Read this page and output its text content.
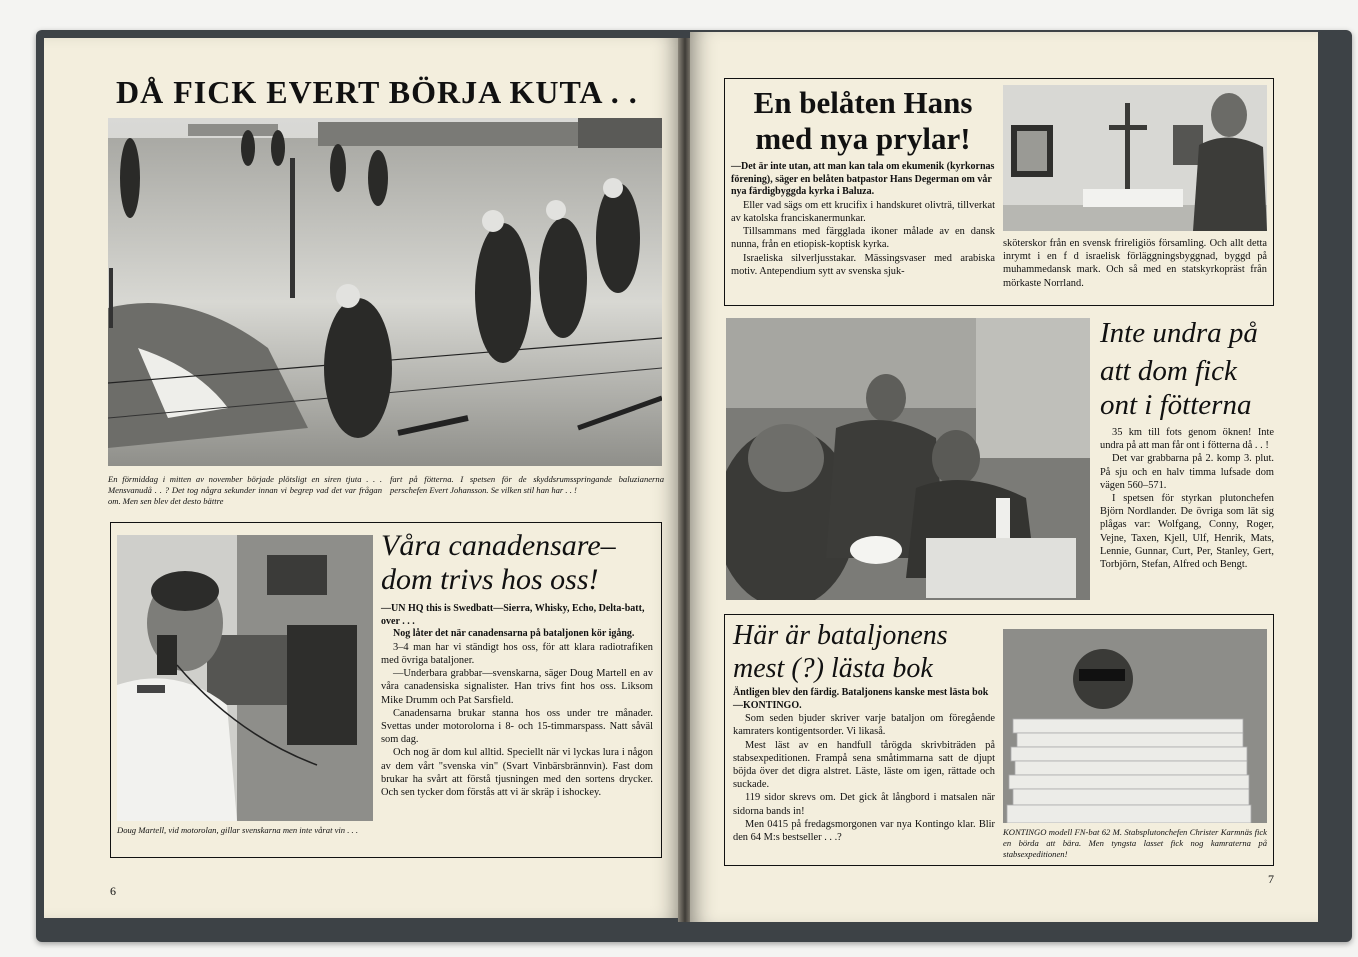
DÅ FICK EVERT BÖRJA KUTA . .
En förmiddag i mitten av november började plötsligt en siren tjuta . . . Mensvanudå . . ? Det tog några sekunder innan vi begrep vad det var frågan om. Men sen blev det desto bättre
fart på fötterna. I spetsen för de skyddsrumsspringande baluzianerna perschefen Evert Johansson. Se vilken stil han har . . !
Doug Martell, vid motorolan, gillar svenskarna men inte vårat vin . . .
Våra canadensare–
dom trivs hos oss!
—UN HQ this is Swedbatt—Sierra, Whisky, Echo, Delta-batt, over . . .
Nog låter det när canadensarna på bataljonen kör igång.

3–4 man har vi ständigt hos oss, för att klara radiotrafiken med övriga bataljoner.

—Underbara grabbar—svenskarna, säger Doug Martell en av våra canadensiska signalister. Han trivs fint hos oss. Liksom Mike Drumm och Pat Sarsfield.

Canadensarna brukar stanna hos oss under tre månader. Svettas under motorolorna i 8- och 15-timmarspass. Natt såväl som dag.

Och nog är dom kul alltid. Speciellt när vi lyckas lura i någon av dem vårt "svenska vin" (Svart Vinbärsbrännvin). Fast dom brukar ha svårt att förstå tjusningen med den sortens drycker. Och sen tycker dom förstås att vi är skräp i ishockey.

6
En belåten Hans
med nya prylar!
—Det är inte utan, att man kan tala om ekumenik (kyrkornas förening), säger en belåten batpastor Hans Degerman om vår nya färdigbyggda kyrka i Baluza.

Eller vad sägs om ett krucifix i handskuret olivträ, tillverkat av katolska franciskanermunkar.

Tillsammans med färgglada ikoner målade av en dansk nunna, från en etiopisk-koptisk kyrka.

Israeliska silverljusstakar. Mässingsvaser med arabiska motiv. Antependium sytt av svenska sjuk-

sköterskor från en svensk frireligiös församling. Och allt detta inrymt i en f d israelisk förläggningsbyggnad, byggd på muhammedansk mark. Och så med en statskyrkopräst från mörkaste Norrland.

Inte undra på
att dom fick
ont i fötterna

35 km till fots genom öknen! Inte undra på att man får ont i fötterna då . . !

Det var grabbarna på 2. komp 3. plut. På sju och en halv timma lufsade dom vägen 560–571.

I spetsen för styrkan plutonchefen Björn Nordlander. De övriga som lät sig plågas var: Wolfgang, Conny, Roger, Vejne, Taxen, Kjell, Ulf, Henrik, Mats, Lennie, Gunnar, Curt, Per, Stanley, Gert, Torbjörn, Stefan, Alfred och Bengt.

Här är bataljonens
mest (?) lästa bok
Äntligen blev den färdig. Bataljonens kanske mest lästa bok—KONTINGO.

Som seden bjuder skriver varje bataljon om föregående kamraters kontigentsorder. Vi likaså.

Mest läst av en handfull tårögda skrivbiträden på stabsexpeditionen. Frampå sena småtimmarna satt de djupt böjda över det digra alstret. Läste, läste om igen, rättade och suckade.

119 sidor skrevs om. Det gick åt långbord i matsalen när sidorna bands in!

Men 0415 på fredagsmorgonen var nya Kontingo klar. Blir den 64 M:s bestseller . . .?

KONTINGO modell FN-bat 62 M. Stabsplutonchefen Christer Karmnäs fick en börda att bära. Men tyngsta lasset fick nog kamraterna på stabsexpeditionen!
7
